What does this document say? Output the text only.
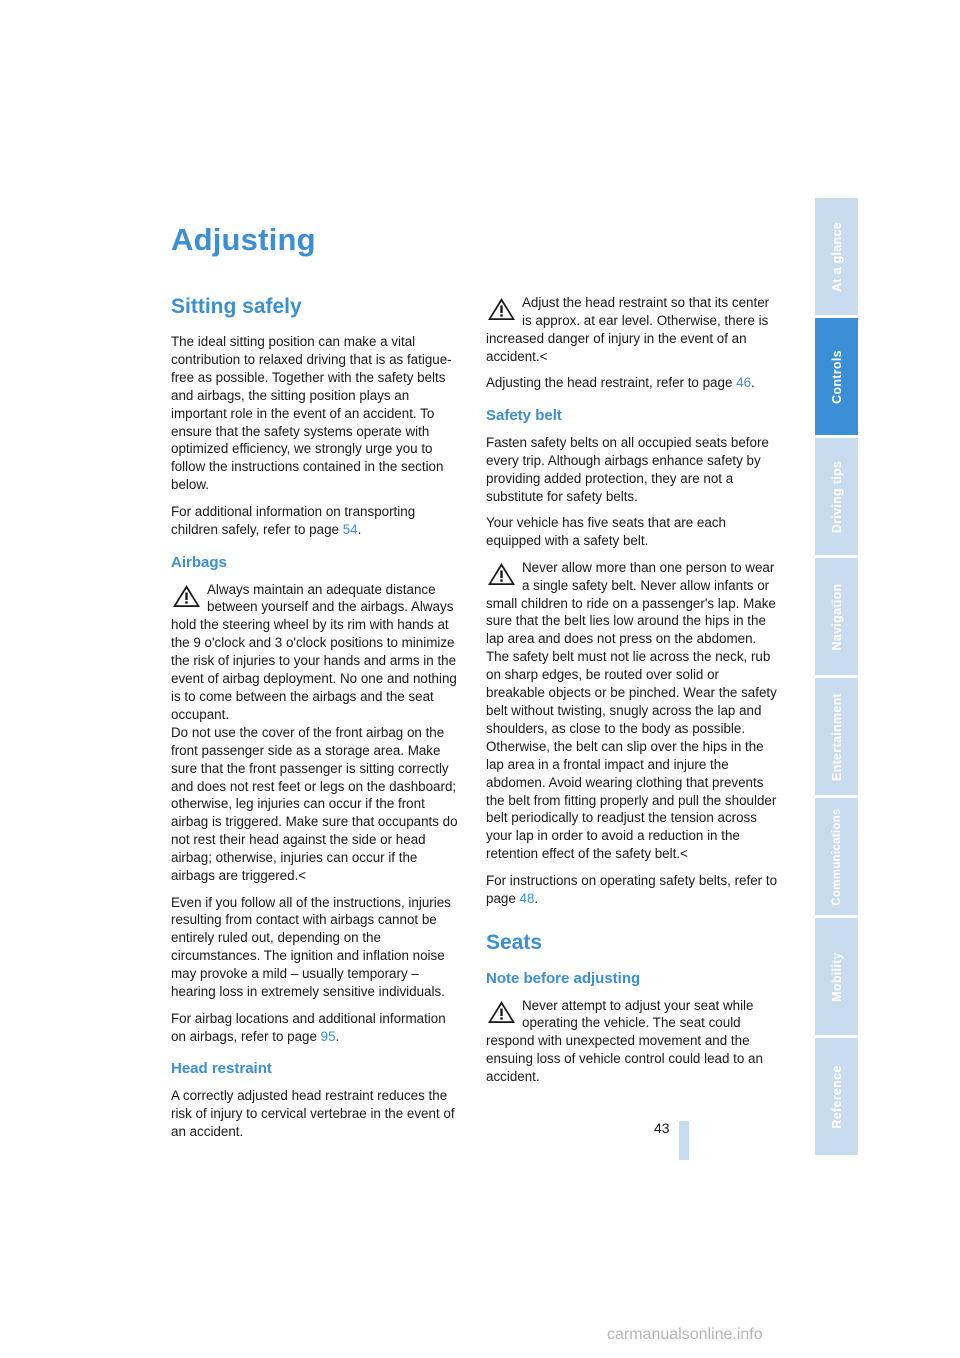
Adjusting
Sitting safely

The ideal sitting position can make a vital contribution to relaxed driving that is as fatigue-free as possible. Together with the safety belts and airbags, the sitting position plays an important role in the event of an accident. To ensure that the safety systems operate with optimized efficiency, we strongly urge you to follow the instructions contained in the section below.

For additional information on transporting children safely, refer to page 54.

Airbags
Always maintain an adequate distance between yourself and the airbags. Always hold the steering wheel by its rim with hands at the 9 o'clock and 3 o'clock positions to minimize the risk of injuries to your hands and arms in the event of airbag deployment. No one and nothing is to come between the airbags and the seat occupant.
Do not use the cover of the front airbag on the front passenger side as a storage area. Make sure that the front passenger is sitting correctly and does not rest feet or legs on the dashboard; otherwise, leg injuries can occur if the front airbag is triggered. Make sure that occupants do not rest their head against the side or head airbag; otherwise, injuries can occur if the airbags are triggered.<

Even if you follow all of the instructions, injuries resulting from contact with airbags cannot be entirely ruled out, depending on the circumstances. The ignition and inflation noise may provoke a mild – usually temporary – hearing loss in extremely sensitive individuals.

For airbag locations and additional information on airbags, refer to page 95.

Head restraint

A correctly adjusted head restraint reduces the risk of injury to cervical vertebrae in the event of an accident.

Adjust the head restraint so that its center is approx. at ear level. Otherwise, there is increased danger of injury in the event of an accident.<

Adjusting the head restraint, refer to page 46.

Safety belt

Fasten safety belts on all occupied seats before every trip. Although airbags enhance safety by providing added protection, they are not a substitute for safety belts.

Your vehicle has five seats that are each equipped with a safety belt.

Never allow more than one person to wear a single safety belt. Never allow infants or small children to ride on a passenger's lap. Make sure that the belt lies low around the hips in the lap area and does not press on the abdomen. The safety belt must not lie across the neck, rub on sharp edges, be routed over solid or breakable objects or be pinched. Wear the safety belt without twisting, snugly across the lap and shoulders, as close to the body as possible. Otherwise, the belt can slip over the hips in the lap area in a frontal impact and injure the abdomen. Avoid wearing clothing that prevents the belt from fitting properly and pull the shoulder belt periodically to readjust the tension across your lap in order to avoid a reduction in the retention effect of the safety belt.<

For instructions on operating safety belts, refer to page 48.

Seats
Note before adjusting
Never attempt to adjust your seat while operating the vehicle. The seat could respond with unexpected movement and the ensuing loss of vehicle control could lead to an accident.
43
At a glance
Controls
Driving tips
Navigation
Entertainment
Communications
Mobility
Reference
carmanualsonline.info
